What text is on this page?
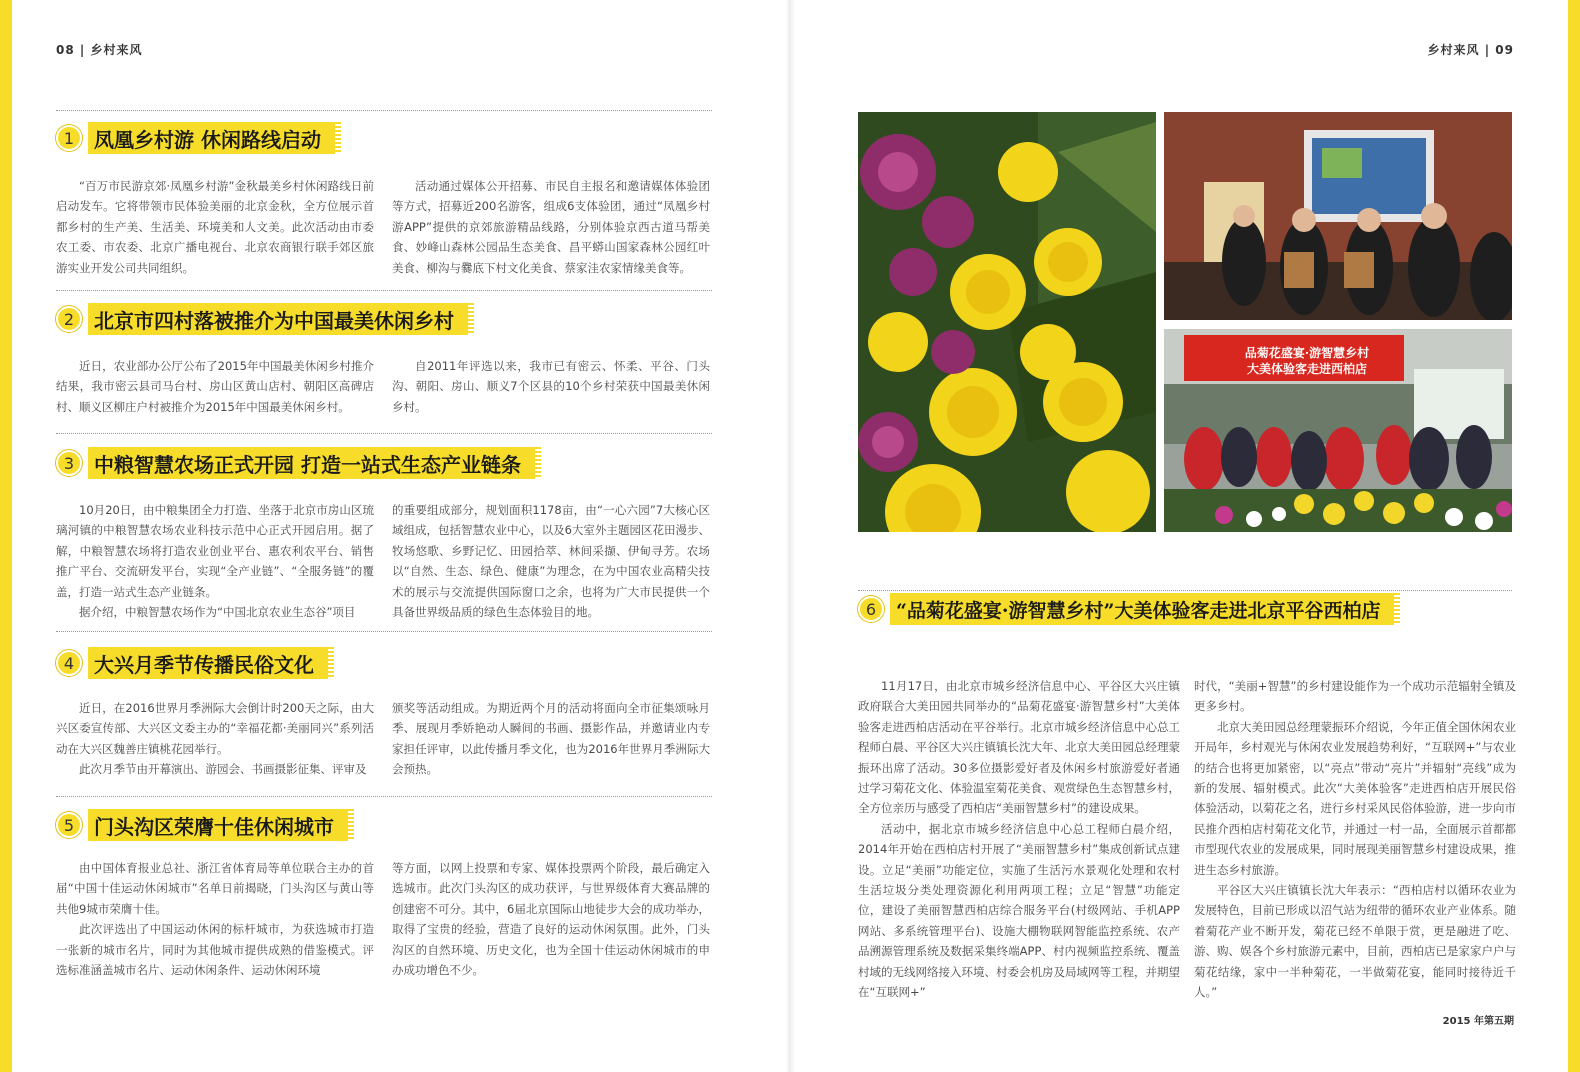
08 | 乡村来风
1 凤凰乡村游 休闲路线启动

“百万市民游京郊·凤凰乡村游”金秋最美乡村休闲路线日前启动发车。它将带领市民体验美丽的北京金秋，全方位展示首都乡村的生产美、生活美、环境美和人文美。此次活动由市委农工委、市农委、北京广播电视台、北京农商银行联手郊区旅游实业开发公司共同组织。

活动通过媒体公开招募、市民自主报名和邀请媒体体验团等方式，招募近200名游客，组成6支体验团，通过“凤凰乡村游APP”提供的京郊旅游精品线路，分别体验京西古道马帮美食、妙峰山森林公园品生态美食、昌平蟒山国家森林公园红叶美食、柳沟与爨底下村文化美食、蔡家洼农家情缘美食等。

2 北京市四村落被推介为中国最美休闲乡村

近日，农业部办公厅公布了2015年中国最美休闲乡村推介结果，我市密云县司马台村、房山区黄山店村、朝阳区高碑店村、顺义区柳庄户村被推介为2015年中国最美休闲乡村。

自2011年评选以来，我市已有密云、怀柔、平谷、门头沟、朝阳、房山、顺义7个区县的10个乡村荣获中国最美休闲乡村。

3 中粮智慧农场正式开园 打造一站式生态产业链条

10月20日，由中粮集团全力打造、坐落于北京市房山区琉璃河镇的中粮智慧农场农业科技示范中心正式开园启用。据了解，中粮智慧农场将打造农业创业平台、惠农利农平台、销售推广平台、交流研发平台，实现“全产业链”、“全服务链”的覆盖，打造一站式生态产业链条。

据介绍，中粮智慧农场作为“中国北京农业生态谷”项目

的重要组成部分，规划面积1178亩，由“一心六园”7大核心区域组成，包括智慧农业中心，以及6大室外主题园区花田漫步、牧场悠歌、乡野记忆、田园拾萃、林间采撷、伊甸寻芳。农场以“自然、生态、绿色、健康”为理念，在为中国农业高精尖技术的展示与交流提供国际窗口之余，也将为广大市民提供一个具备世界级品质的绿色生态体验目的地。

4 大兴月季节传播民俗文化

近日，在2016世界月季洲际大会倒计时200天之际，由大兴区委宣传部、大兴区文委主办的“幸福花都·美丽同兴”系列活动在大兴区魏善庄镇桃花园举行。

此次月季节由开幕演出、游园会、书画摄影征集、评审及

颁奖等活动组成。为期近两个月的活动将面向全市征集颂咏月季、展现月季娇艳动人瞬间的书画、摄影作品，并邀请业内专家担任评审，以此传播月季文化，也为2016年世界月季洲际大会预热。

5 门头沟区荣膺十佳休闲城市

由中国体育报业总社、浙江省体育局等单位联合主办的首届“中国十佳运动休闲城市”名单日前揭晓，门头沟区与黄山等共他9城市荣膺十佳。

此次评选出了中国运动休闲的标杆城市，为获选城市打造一张新的城市名片，同时为其他城市提供成熟的借鉴模式。评选标准涵盖城市名片、运动休闲条件、运动休闲环境

等方面，以网上投票和专家、媒体投票两个阶段，最后确定入选城市。此次门头沟区的成功获评，与世界级体育大赛品牌的创建密不可分。其中，6届北京国际山地徒步大会的成功举办，取得了宝贵的经验，营造了良好的运动休闲氛围。此外，门头沟区的自然环境、历史文化，也为全国十佳运动休闲城市的申办成功增色不少。

乡村来风 | 09
品菊花盛宴·游智慧乡村
大美体验客走进西柏店
6	“品菊花盛宴·游智慧乡村”大美体验客走进北京平谷西柏店

11月17日，由北京市城乡经济信息中心、平谷区大兴庄镇政府联合大美田园共同举办的“品菊花盛宴·游智慧乡村”大美体验客走进西柏店活动在平谷举行。北京市城乡经济信息中心总工程师白晨、平谷区大兴庄镇镇长沈大年、北京大美田园总经理蒙振环出席了活动。30多位摄影爱好者及休闲乡村旅游爱好者通过学习菊花文化、体验温室菊花美食、观赏绿色生态智慧乡村，全方位亲历与感受了西柏店“美丽智慧乡村”的建设成果。

活动中，据北京市城乡经济信息中心总工程师白晨介绍，2014年开始在西柏店村开展了“美丽智慧乡村”集成创新试点建设。立足“美丽”功能定位，实施了生活污水景观化处理和农村生活垃圾分类处理资源化利用两项工程；立足“智慧”功能定位，建设了美丽智慧西柏店综合服务平台(村级网站、手机APP网站、多系统管理平台)、设施大棚物联网智能监控系统、农产品溯源管理系统及数据采集终端APP、村内视频监控系统、覆盖村域的无线网络接入环境、村委会机房及局域网等工程，并期望在“互联网+”

时代，“美丽+智慧”的乡村建设能作为一个成功示范辐射全镇及更多乡村。

北京大美田园总经理蒙振环介绍说，今年正值全国休闲农业开局年，乡村观光与休闲农业发展趋势利好，“互联网+”与农业的结合也将更加紧密，以“亮点”带动“亮片”并辐射“亮线”成为新的发展、辐射模式。此次“大美体验客”走进西柏店开展民俗体验活动，以菊花之名，进行乡村采风民俗体验游，进一步向市民推介西柏店村菊花文化节，并通过一村一品，全面展示首都都市型现代农业的发展成果，同时展现美丽智慧乡村建设成果，推进生态乡村旅游。

平谷区大兴庄镇镇长沈大年表示：“西柏店村以循环农业为发展特色，目前已形成以沼气站为纽带的循环农业产业体系。随着菊花产业不断开发，菊花已经不单限于赏，更是融进了吃、游、购、娱各个乡村旅游元素中，目前，西柏店已是家家户户与菊花结缘，家中一半种菊花，一半做菊花宴，能同时接待近千人。”

2015 年第五期
